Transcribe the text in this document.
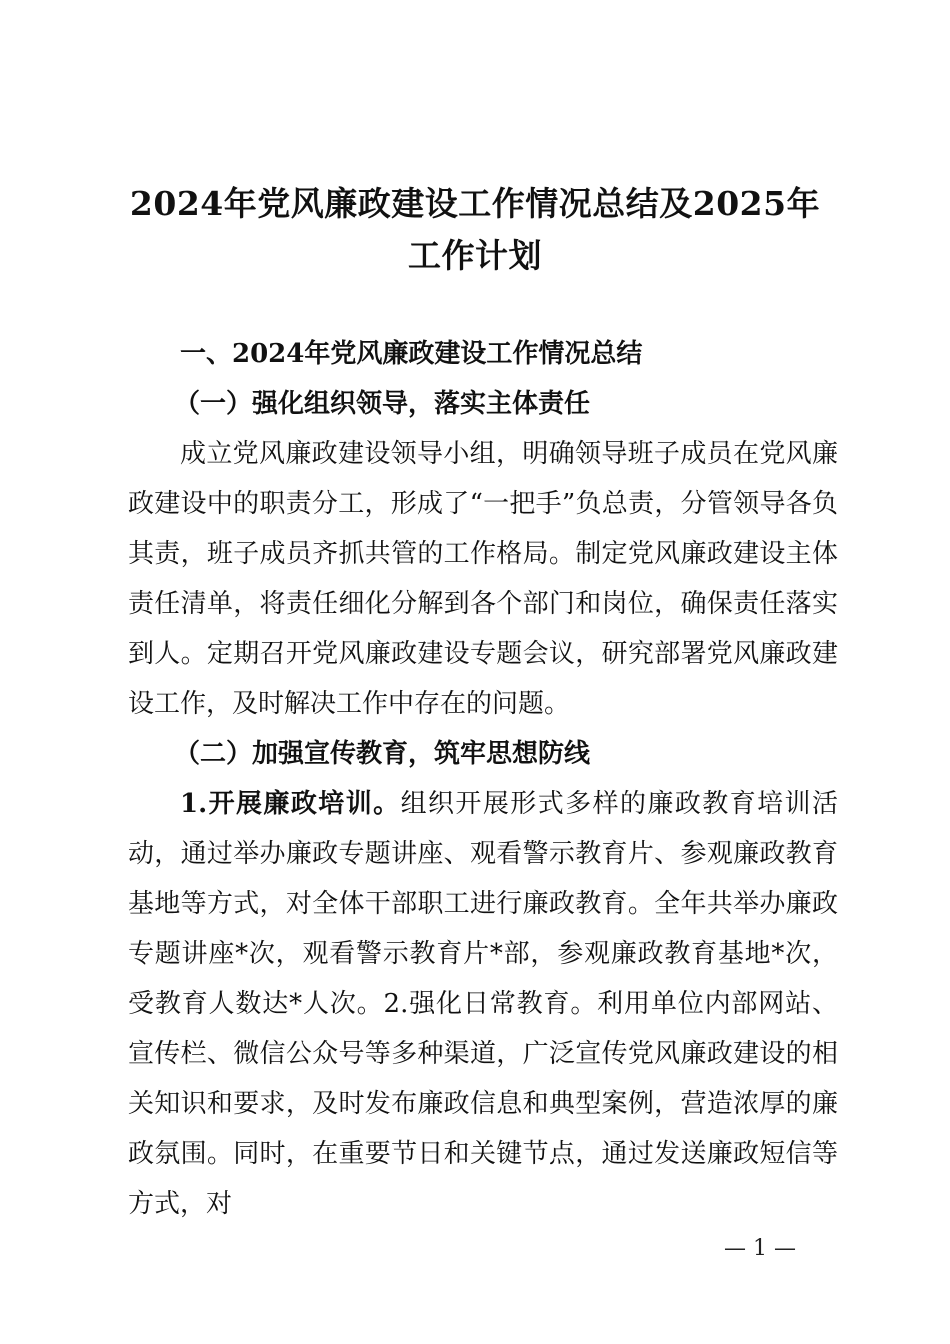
2024年党风廉政建设工作情况总结及2025年
工作计划
一、2024年党风廉政建设工作情况总结
（一）强化组织领导，落实主体责任
成立党风廉政建设领导小组，明确领导班子成员在党风廉政建设中的职责分工，形成了“一把手”负总责，分管领导各负其责，班子成员齐抓共管的工作格局。制定党风廉政建设主体责任清单，将责任细化分解到各个部门和岗位，确保责任落实到人。定期召开党风廉政建设专题会议，研究部署党风廉政建设工作，及时解决工作中存在的问题。
（二）加强宣传教育，筑牢思想防线
1.开展廉政培训。组织开展形式多样的廉政教育培训活动，通过举办廉政专题讲座、观看警示教育片、参观廉政教育基地等方式，对全体干部职工进行廉政教育。全年共举办廉政专题讲座*次，观看警示教育片*部，参观廉政教育基地*次，受教育人数达*人次。2.强化日常教育。利用单位内部网站、宣传栏、微信公众号等多种渠道，广泛宣传党风廉政建设的相关知识和要求，及时发布廉政信息和典型案例，营造浓厚的廉政氛围。同时，在重要节日和关键节点，通过发送廉政短信等方式，对
— 1 —
